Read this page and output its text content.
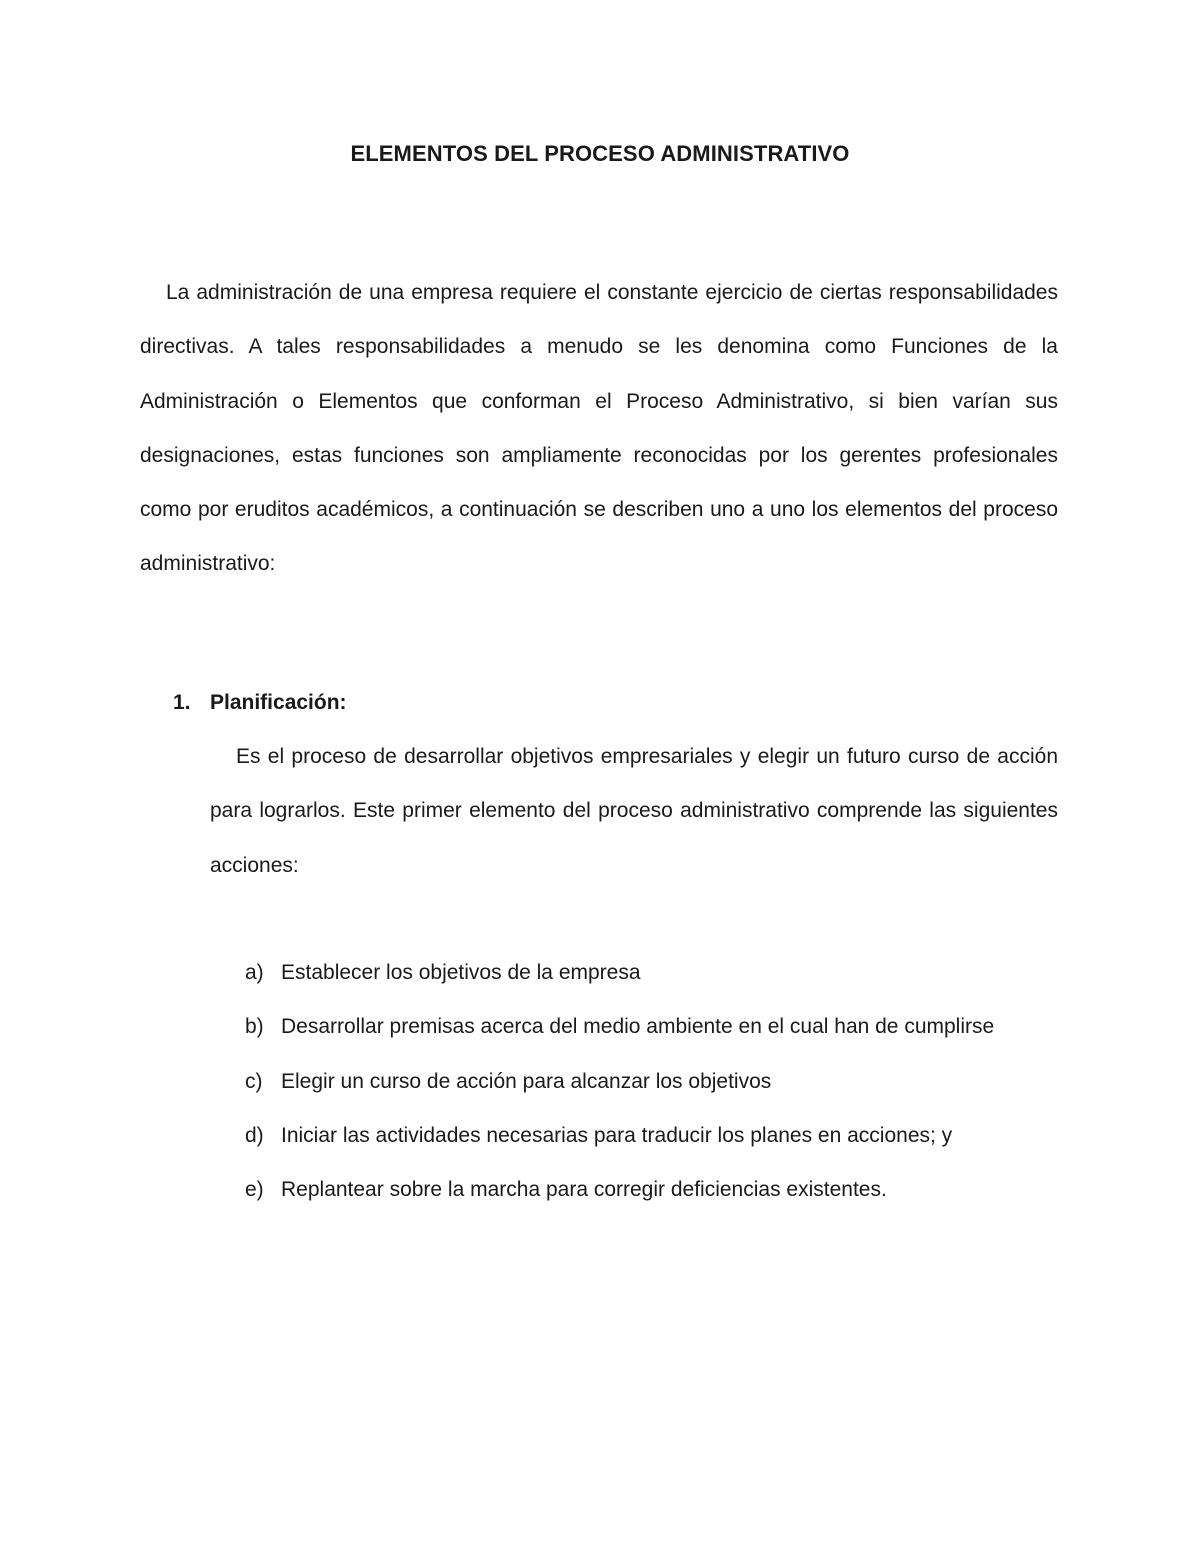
ELEMENTOS DEL PROCESO ADMINISTRATIVO

La administración de una empresa requiere el constante ejercicio de ciertas responsabilidades directivas. A tales responsabilidades a menudo se les denomina como Funciones de la Administración o Elementos que conforman el Proceso Administrativo, si bien varían sus designaciones, estas funciones son ampliamente reconocidas por los gerentes profesionales como por eruditos académicos, a continuación se describen uno a uno los elementos del proceso administrativo:

1. Planificación:

Es el proceso de desarrollar objetivos empresariales y elegir un futuro curso de acción para lograrlos. Este primer elemento del proceso administrativo comprende las siguientes acciones:

a) Establecer los objetivos de la empresa
b) Desarrollar premisas acerca del medio ambiente en el cual han de cumplirse
c) Elegir un curso de acción para alcanzar los objetivos
d) Iniciar las actividades necesarias para traducir los planes en acciones; y
e) Replantear sobre la marcha para corregir deficiencias existentes.
